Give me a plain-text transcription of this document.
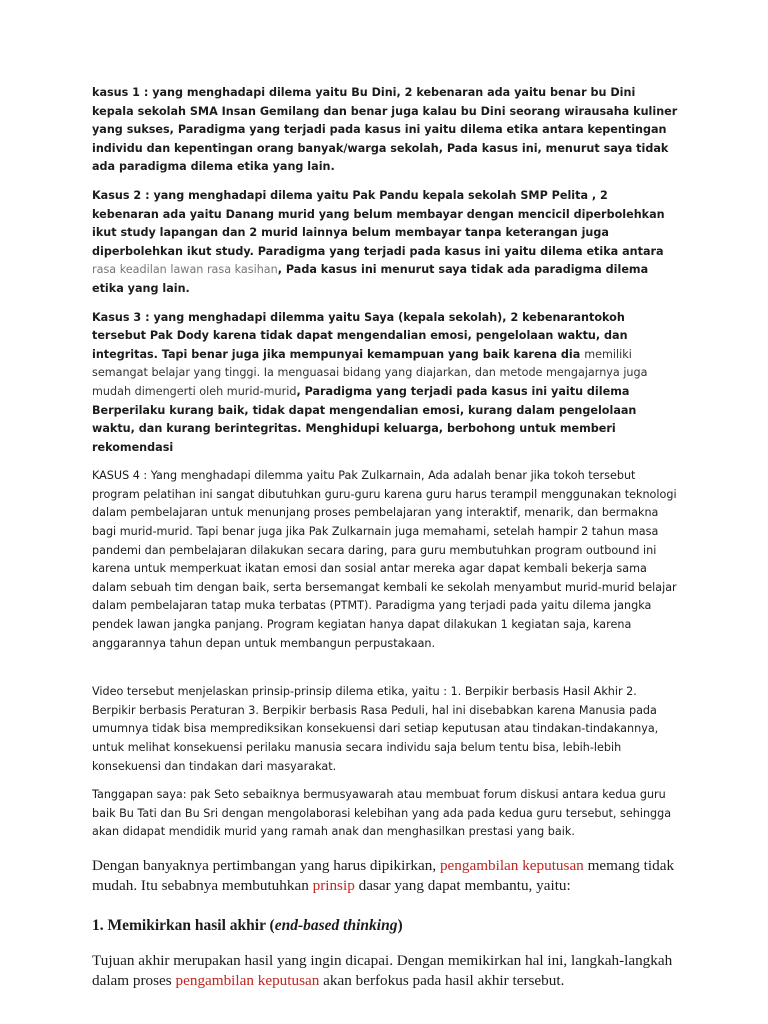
kasus 1 : yang menghadapi dilema yaitu Bu Dini, 2 kebenaran ada yaitu benar bu Dini kepala sekolah SMA Insan Gemilang dan benar juga kalau bu Dini seorang wirausaha kuliner yang sukses, Paradigma yang terjadi pada kasus ini yaitu dilema etika antara kepentingan individu dan kepentingan orang banyak/warga sekolah, Pada kasus ini, menurut saya tidak ada paradigma dilema etika yang lain.

Kasus 2 : yang menghadapi dilema yaitu Pak Pandu kepala sekolah SMP Pelita , 2 kebenaran ada yaitu Danang murid yang belum membayar dengan mencicil diperbolehkan ikut study lapangan dan 2 murid lainnya belum membayar tanpa keterangan juga diperbolehkan ikut study. Paradigma yang terjadi pada kasus ini yaitu dilema etika antara rasa keadilan lawan rasa kasihan, Pada kasus ini menurut saya tidak ada paradigma dilema etika yang lain.

Kasus 3 : yang menghadapi dilemma yaitu Saya (kepala sekolah), 2 kebenarantokoh tersebut Pak Dody karena tidak dapat mengendalian emosi, pengelolaan waktu, dan integritas. Tapi benar juga jika mempunyai kemampuan yang baik karena dia memiliki semangat belajar yang tinggi. Ia menguasai bidang yang diajarkan, dan metode mengajarnya juga mudah dimengerti oleh murid-murid, Paradigma yang terjadi pada kasus ini yaitu dilema Berperilaku kurang baik, tidak dapat mengendalian emosi, kurang dalam pengelolaan waktu, dan kurang berintegritas. Menghidupi keluarga, berbohong untuk memberi rekomendasi

KASUS 4 : Yang menghadapi dilemma yaitu Pak Zulkarnain, Ada adalah benar jika tokoh tersebut program pelatihan ini sangat dibutuhkan guru-guru karena guru harus terampil menggunakan teknologi dalam pembelajaran untuk menunjang proses pembelajaran yang interaktif, menarik, dan bermakna bagi murid-murid. Tapi benar juga jika Pak Zulkarnain juga memahami, setelah hampir 2 tahun masa pandemi dan pembelajaran dilakukan secara daring, para guru membutuhkan program outbound ini karena untuk memperkuat ikatan emosi dan sosial antar mereka agar dapat kembali bekerja sama dalam sebuah tim dengan baik, serta bersemangat kembali ke sekolah menyambut murid-murid belajar dalam pembelajaran tatap muka terbatas (PTMT). Paradigma yang terjadi pada yaitu dilema jangka pendek lawan jangka panjang. Program kegiatan hanya dapat dilakukan 1 kegiatan saja, karena anggarannya tahun depan untuk membangun perpustakaan.

Video tersebut menjelaskan prinsip-prinsip dilema etika, yaitu : 1. Berpikir berbasis Hasil Akhir 2. Berpikir berbasis Peraturan 3. Berpikir berbasis Rasa Peduli, hal ini disebabkan karena Manusia pada umumnya tidak bisa memprediksikan konsekuensi dari setiap keputusan atau tindakan-tindakannya, untuk melihat konsekuensi perilaku manusia secara individu saja belum tentu bisa, lebih-lebih konsekuensi dan tindakan dari masyarakat.

Tanggapan saya: pak Seto sebaiknya bermusyawarah atau membuat forum diskusi antara kedua guru baik Bu Tati dan Bu Sri dengan mengolaborasi kelebihan yang ada pada kedua guru tersebut, sehingga akan didapat mendidik murid yang ramah anak dan menghasilkan prestasi yang baik.

Dengan banyaknya pertimbangan yang harus dipikirkan, pengambilan keputusan memang tidak mudah. Itu sebabnya membutuhkan prinsip dasar yang dapat membantu, yaitu:

1. Memikirkan hasil akhir (end-based thinking)

Tujuan akhir merupakan hasil yang ingin dicapai. Dengan memikirkan hal ini, langkah-langkah dalam proses pengambilan keputusan akan berfokus pada hasil akhir tersebut.
